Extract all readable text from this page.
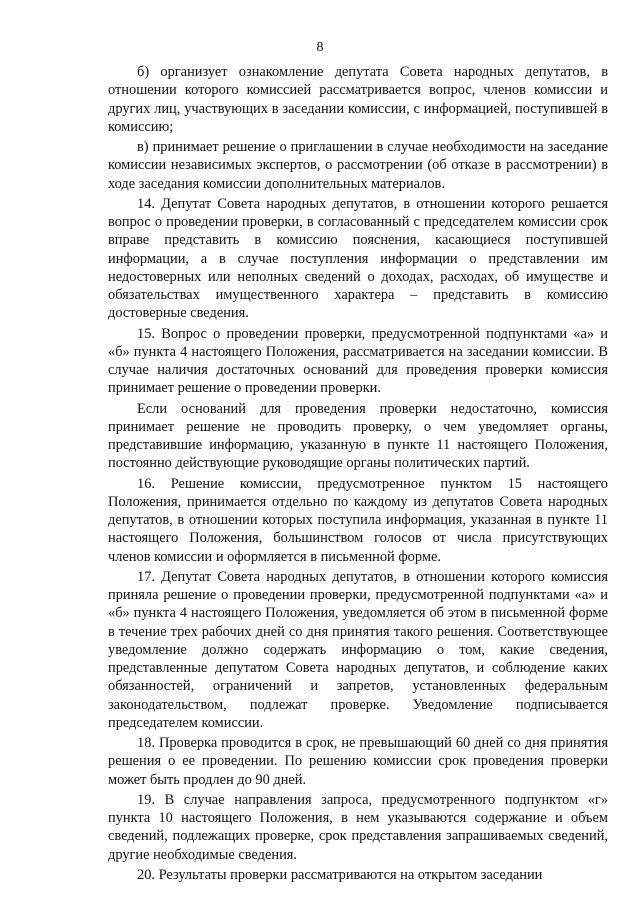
8

б) организует ознакомление депутата Совета народных депутатов, в отношении которого комиссией рассматривается вопрос, членов комиссии и других лиц, участвующих в заседании комиссии, с информацией, поступившей в комиссию;

в) принимает решение о приглашении в случае необходимости на заседание комиссии независимых экспертов, о рассмотрении (об отказе в рассмотрении) в ходе заседания комиссии дополнительных материалов.

14. Депутат Совета народных депутатов, в отношении которого решается вопрос о проведении проверки, в согласованный с председателем комиссии срок вправе представить в комиссию пояснения, касающиеся поступившей информации, а в случае поступления информации о представлении им недостоверных или неполных сведений о доходах, расходах, об имуществе и обязательствах имущественного характера – представить в комиссию достоверные сведения.

15. Вопрос о проведении проверки, предусмотренной подпунктами «а» и «б» пункта 4 настоящего Положения, рассматривается на заседании комиссии. В случае наличия достаточных оснований для проведения проверки комиссия принимает решение о проведении проверки.

Если оснований для проведения проверки недостаточно, комиссия принимает решение не проводить проверку, о чем уведомляет органы, представившие информацию, указанную в пункте 11 настоящего Положения, постоянно действующие руководящие органы политических партий.

16. Решение комиссии, предусмотренное пунктом 15 настоящего Положения, принимается отдельно по каждому из депутатов Совета народных депутатов, в отношении которых поступила информация, указанная в пункте 11 настоящего Положения, большинством голосов от числа присутствующих членов комиссии и оформляется в письменной форме.

17. Депутат Совета народных депутатов, в отношении которого комиссия приняла решение о проведении проверки, предусмотренной подпунктами «а» и «б» пункта 4 настоящего Положения, уведомляется об этом в письменной форме в течение трех рабочих дней со дня принятия такого решения. Соответствующее уведомление должно содержать информацию о том, какие сведения, представленные депутатом Совета народных депутатов, и соблюдение каких обязанностей, ограничений и запретов, установленных федеральным законодательством, подлежат проверке. Уведомление подписывается председателем комиссии.

18. Проверка проводится в срок, не превышающий 60 дней со дня принятия решения о ее проведении. По решению комиссии срок проведения проверки может быть продлен до 90 дней.

19. В случае направления запроса, предусмотренного подпунктом «г» пункта 10 настоящего Положения, в нем указываются содержание и объем сведений, подлежащих проверке, срок представления запрашиваемых сведений, другие необходимые сведения.

20. Результаты проверки рассматриваются на открытом заседании
